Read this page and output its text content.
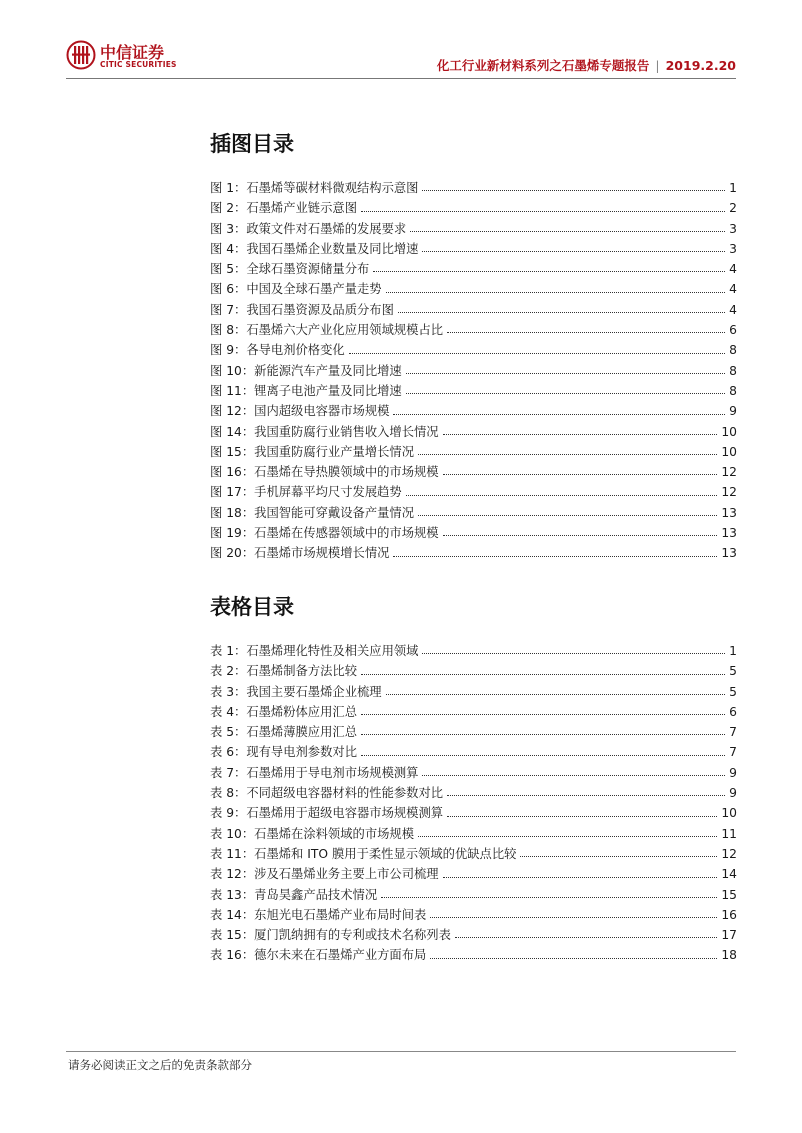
中信证券
CITIC SECURITIES	化工行业新材料系列之石墨烯专题报告 | 2019.2.20
插图目录
图 1：石墨烯等碳材料微观结构示意图	1
图 2：石墨烯产业链示意图	2
图 3：政策文件对石墨烯的发展要求	3
图 4：我国石墨烯企业数量及同比增速	3
图 5：全球石墨资源储量分布	4
图 6：中国及全球石墨产量走势	4
图 7：我国石墨资源及品质分布图	4
图 8：石墨烯六大产业化应用领域规模占比	6
图 9：各导电剂价格变化	8
图 10：新能源汽车产量及同比增速	8
图 11：锂离子电池产量及同比增速	8
图 12：国内超级电容器市场规模	9
图 14：我国重防腐行业销售收入增长情况	10
图 15：我国重防腐行业产量增长情况	10
图 16：石墨烯在导热膜领域中的市场规模	12
图 17：手机屏幕平均尺寸发展趋势	12
图 18：我国智能可穿戴设备产量情况	13
图 19：石墨烯在传感器领域中的市场规模	13
图 20：石墨烯市场规模增长情况	13
表格目录
表 1：石墨烯理化特性及相关应用领域	1
表 2：石墨烯制备方法比较	5
表 3：我国主要石墨烯企业梳理	5
表 4：石墨烯粉体应用汇总	6
表 5：石墨烯薄膜应用汇总	7
表 6：现有导电剂参数对比	7
表 7：石墨烯用于导电剂市场规模测算	9
表 8：不同超级电容器材料的性能参数对比	9
表 9：石墨烯用于超级电容器市场规模测算	10
表 10：石墨烯在涂料领域的市场规模	11
表 11：石墨烯和 ITO 膜用于柔性显示领域的优缺点比较	12
表 12：涉及石墨烯业务主要上市公司梳理	14
表 13：青岛昊鑫产品技术情况	15
表 14：东旭光电石墨烯产业布局时间表	16
表 15：厦门凯纳拥有的专利或技术名称列表	17
表 16：德尔未来在石墨烯产业方面布局	18
请务必阅读正文之后的免责条款部分
